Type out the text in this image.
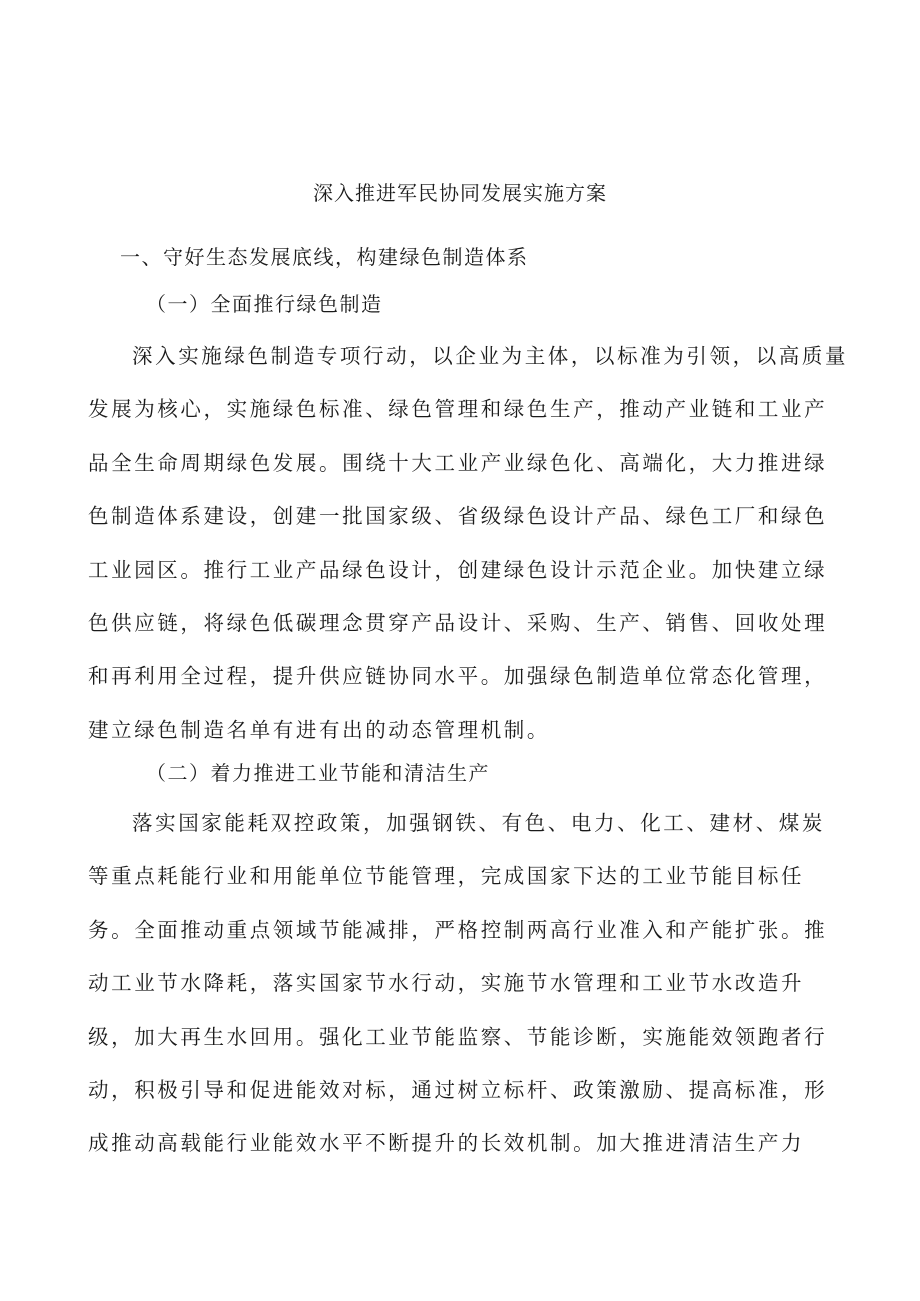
深入推进军民协同发展实施方案
一、守好生态发展底线，构建绿色制造体系
（一）全面推行绿色制造
深入实施绿色制造专项行动，以企业为主体，以标准为引领，以高质量
发展为核心，实施绿色标准、绿色管理和绿色生产，推动产业链和工业产
品全生命周期绿色发展。围绕十大工业产业绿色化、高端化，大力推进绿
色制造体系建设，创建一批国家级、省级绿色设计产品、绿色工厂和绿色
工业园区。推行工业产品绿色设计，创建绿色设计示范企业。加快建立绿
色供应链，将绿色低碳理念贯穿产品设计、采购、生产、销售、回收处理
和再利用全过程，提升供应链协同水平。加强绿色制造单位常态化管理，
建立绿色制造名单有进有出的动态管理机制。
（二）着力推进工业节能和清洁生产
落实国家能耗双控政策，加强钢铁、有色、电力、化工、建材、煤炭
等重点耗能行业和用能单位节能管理，完成国家下达的工业节能目标任
务。全面推动重点领域节能减排，严格控制两高行业准入和产能扩张。推
动工业节水降耗，落实国家节水行动，实施节水管理和工业节水改造升
级，加大再生水回用。强化工业节能监察、节能诊断，实施能效领跑者行
动，积极引导和促进能效对标，通过树立标杆、政策激励、提高标准，形
成推动高载能行业能效水平不断提升的长效机制。加大推进清洁生产力
